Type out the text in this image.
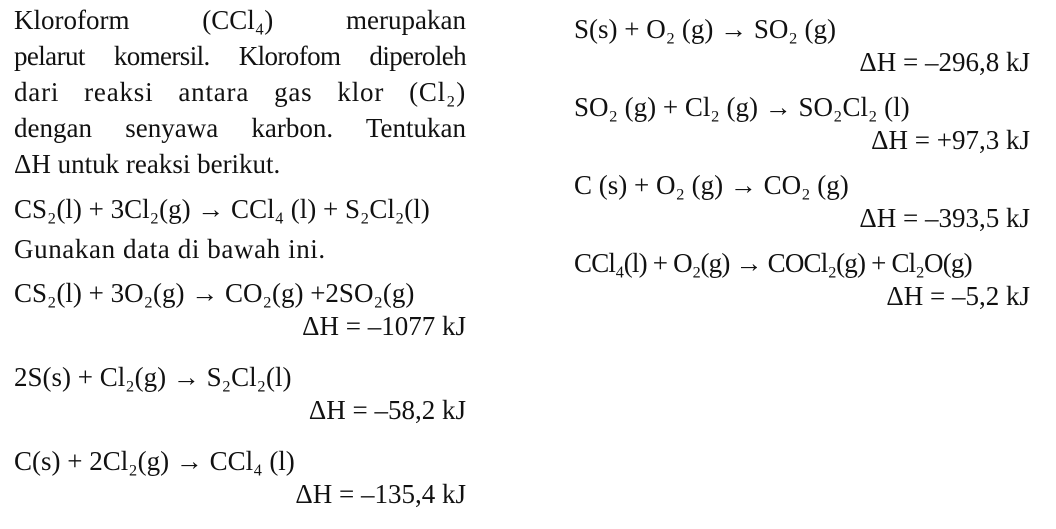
Kloroform (CCl₄) merupakan
pelarut komersil. Klorofom diperoleh
dari reaksi antara gas klor (Cl₂)
dengan senyawa karbon. Tentukan
ΔH untuk reaksi berikut.
CS₂(l) + 3Cl₂(g) → CCl₄ (l) + S₂Cl₂(l)
Gunakan data di bawah ini.
CS₂(l) + 3O₂(g) → CO₂(g) +2SO₂(g)
ΔH = –1077 kJ
2S(s) + Cl₂(g) → S₂Cl₂(l)
ΔH = –58,2 kJ
C(s) + 2Cl₂(g) → CCl₄ (l)
ΔH = –135,4 kJ
S(s) + O₂ (g) → SO₂ (g)
ΔH = –296,8 kJ
SO₂ (g) + Cl₂ (g) → SO₂Cl₂ (l)
ΔH = +97,3 kJ
C (s) + O₂ (g) → CO₂ (g)
ΔH = –393,5 kJ
CCl₄(l) + O₂(g) → COCl₂(g) + Cl₂O(g)
ΔH = –5,2 kJ
